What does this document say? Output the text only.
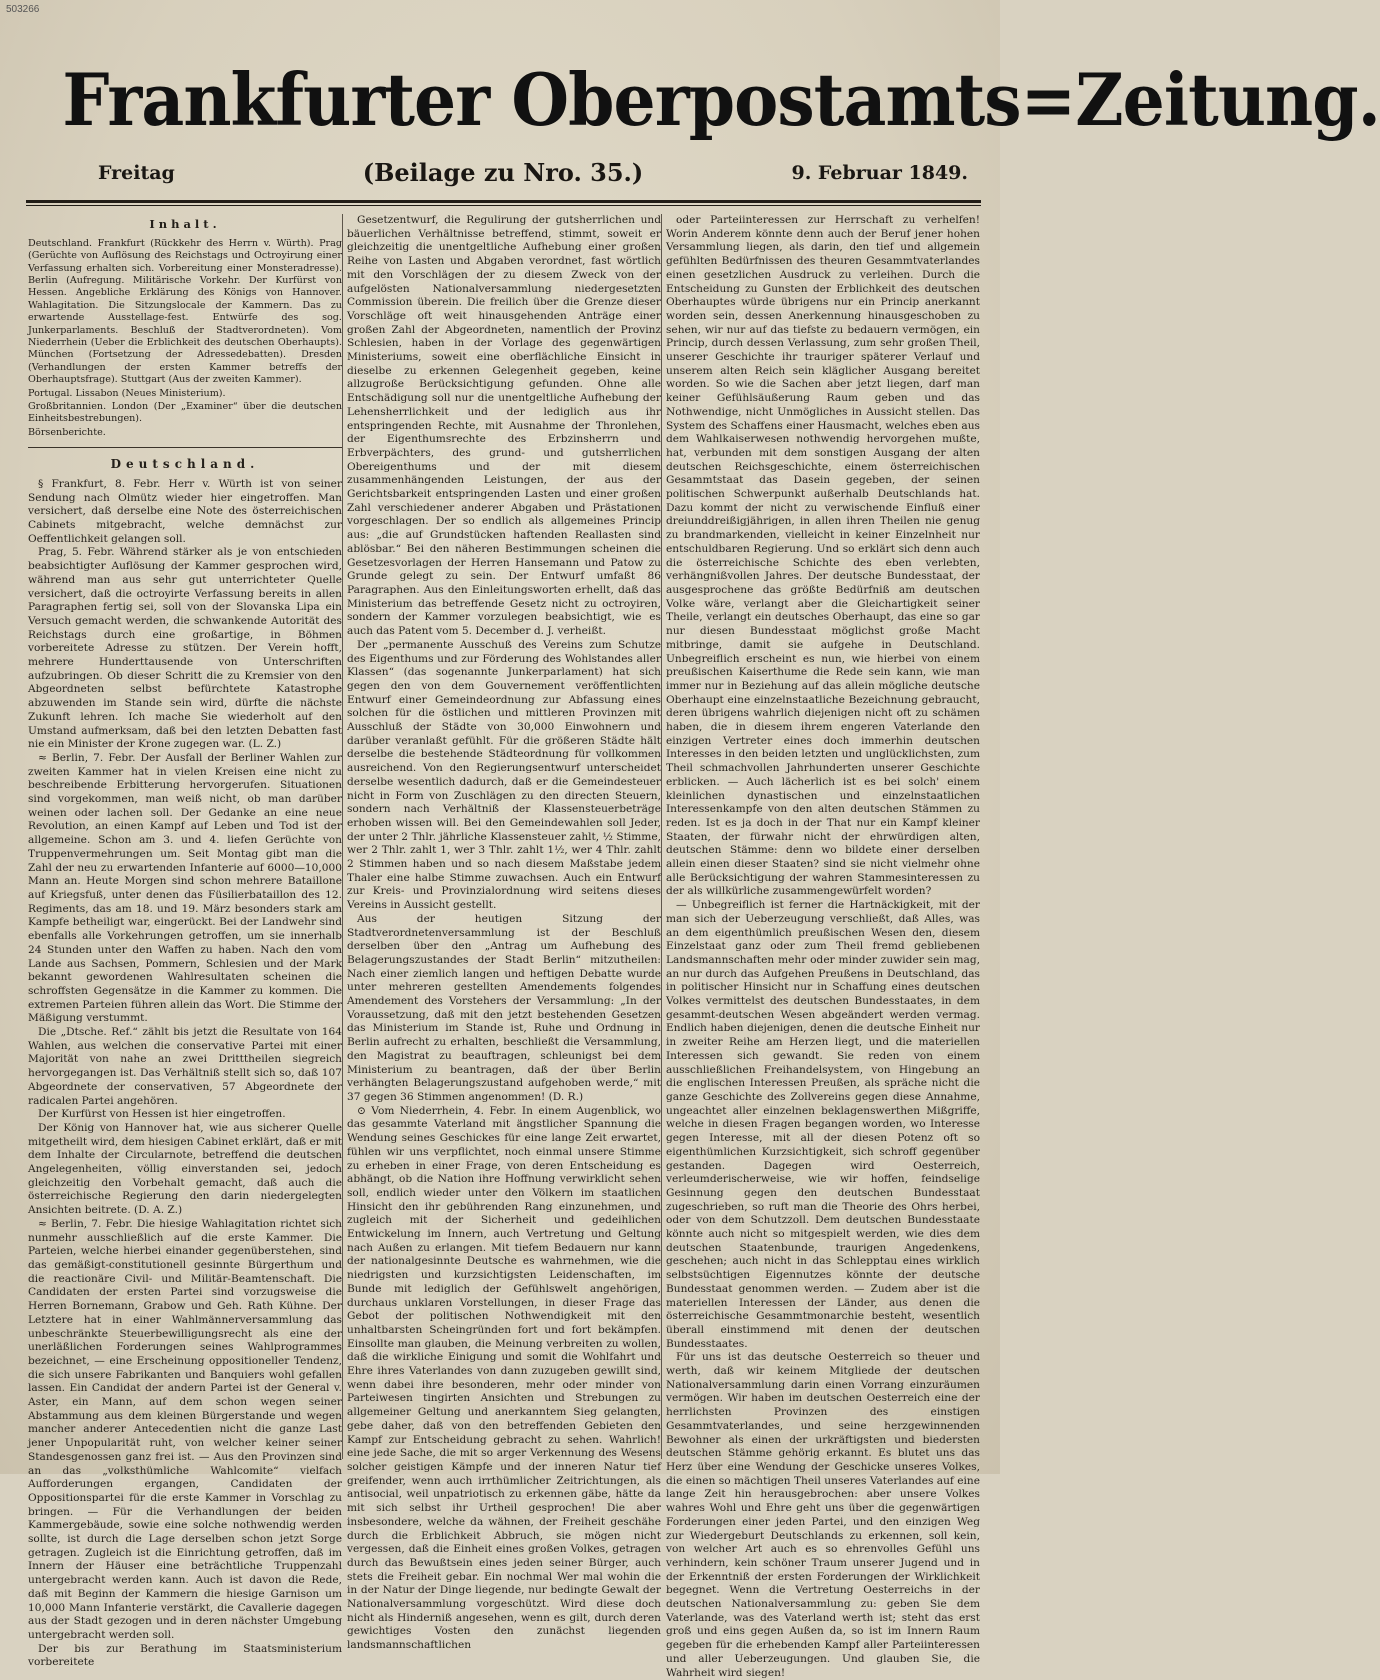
503266
Frankfurter Oberpostamts=Zeitung.
Freitag	(Beilage zu Nro. 35.)	9. Februar 1849.
Inhalt.

Deutschland. Frankfurt (Rückkehr des Herrn v. Würth). Prag (Gerüchte von Auflösung des Reichstags und Octroyirung einer Verfassung erhalten sich. Vorbereitung einer Monsteradresse). Berlin (Aufregung. Militärische Vorkehr. Der Kurfürst von Hessen. Angebliche Erklärung des Königs von Hannover. Wahlagitation. Die Sitzungslocale der Kammern. Das zu erwartende Ausstellage-fest. Entwürfe des sog. Junkerparlaments. Beschluß der Stadtverordneten). Vom Niederrhein (Ueber die Erblichkeit des deutschen Oberhaupts). München (Fortsetzung der Adressedebatten). Dresden (Verhandlungen der ersten Kammer betreffs der Oberhauptsfrage). Stuttgart (Aus der zweiten Kammer).

Portugal. Lissabon (Neues Ministerium).

Großbritannien. London (Der „Examiner“ über die deutschen Einheitsbestrebungen).

Börsenberichte.

Deutschland.

§ Frankfurt, 8. Febr. Herr v. Würth ist von seiner Sendung nach Olmütz wieder hier eingetroffen. Man versichert, daß derselbe eine Note des österreichischen Cabinets mitgebracht, welche demnächst zur Oeffentlichkeit gelangen soll.

Prag, 5. Febr. Während stärker als je von entschieden beabsichtigter Auflösung der Kammer gesprochen wird, während man aus sehr gut unterrichteter Quelle versichert, daß die octroyirte Verfassung bereits in allen Paragraphen fertig sei, soll von der Slovanska Lipa ein Versuch gemacht werden, die schwankende Autorität des Reichstags durch eine großartige, in Böhmen vorbereitete Adresse zu stützen. Der Verein hofft, mehrere Hunderttausende von Unterschriften aufzubringen. Ob dieser Schritt die zu Kremsier von den Abgeordneten selbst befürchtete Katastrophe abzuwenden im Stande sein wird, dürfte die nächste Zukunft lehren. Ich mache Sie wiederholt auf den Umstand aufmerksam, daß bei den letzten Debatten fast nie ein Minister der Krone zugegen war. (L. Z.)

≈ Berlin, 7. Febr. Der Ausfall der Berliner Wahlen zur zweiten Kammer hat in vielen Kreisen eine nicht zu beschreibende Erbitterung hervorgerufen. Situationen sind vorgekommen, man weiß nicht, ob man darüber weinen oder lachen soll. Der Gedanke an eine neue Revolution, an einen Kampf auf Leben und Tod ist der allgemeine. Schon am 3. und 4. liefen Gerüchte von Truppenvermehrungen um. Seit Montag gibt man die Zahl der neu zu erwartenden Infanterie auf 6000—10,000 Mann an. Heute Morgen sind schon mehrere Bataillone auf Kriegsfuß, unter denen das Füsilierbataillon des 12. Regiments, das am 18. und 19. März besonders stark am Kampfe betheiligt war, eingerückt. Bei der Landwehr sind ebenfalls alle Vorkehrungen getroffen, um sie innerhalb 24 Stunden unter den Waffen zu haben. Nach den vom Lande aus Sachsen, Pommern, Schlesien und der Mark bekannt gewordenen Wahlresultaten scheinen die schroffsten Gegensätze in die Kammer zu kommen. Die extremen Parteien führen allein das Wort. Die Stimme der Mäßigung verstummt.

Die „Dtsche. Ref.“ zählt bis jetzt die Resultate von 164 Wahlen, aus welchen die conservative Partei mit einer Majorität von nahe an zwei Dritttheilen siegreich hervorgegangen ist. Das Verhältniß stellt sich so, daß 107 Abgeordnete der conservativen, 57 Abgeordnete der radicalen Partei angehören.

Der Kurfürst von Hessen ist hier eingetroffen.

Der König von Hannover hat, wie aus sicherer Quelle mitgetheilt wird, dem hiesigen Cabinet erklärt, daß er mit dem Inhalte der Circularnote, betreffend die deutschen Angelegenheiten, völlig einverstanden sei, jedoch gleichzeitig den Vorbehalt gemacht, daß auch die österreichische Regierung den darin niedergelegten Ansichten beitrete. (D. A. Z.)

≈ Berlin, 7. Febr. Die hiesige Wahlagitation richtet sich nunmehr ausschließlich auf die erste Kammer. Die Parteien, welche hierbei einander gegenüberstehen, sind das gemäßigt-constitutionell gesinnte Bürgerthum und die reactionäre Civil- und Militär-Beamtenschaft. Die Candidaten der ersten Partei sind vorzugsweise die Herren Bornemann, Grabow und Geh. Rath Kühne. Der Letztere hat in einer Wahlmännerversammlung das unbeschränkte Steuerbewilligungsrecht als eine der unerläßlichen Forderungen seines Wahlprogrammes bezeichnet, — eine Erscheinung oppositioneller Tendenz, die sich unsere Fabrikanten und Banquiers wohl gefallen lassen. Ein Candidat der andern Partei ist der General v. Aster, ein Mann, auf dem schon wegen seiner Abstammung aus dem kleinen Bürgerstande und wegen mancher anderer Antecedentien nicht die ganze Last jener Unpopularität ruht, von welcher keiner seiner Standesgenossen ganz frei ist. — Aus den Provinzen sind an das „volksthümliche Wahlcomite“ vielfach Aufforderungen ergangen, Candidaten der Oppositionspartei für die erste Kammer in Vorschlag zu bringen. — Für die Verhandlungen der beiden Kammergebäude, sowie eine solche nothwendig werden sollte, ist durch die Lage derselben schon jetzt Sorge getragen. Zugleich ist die Einrichtung getroffen, daß im Innern der Häuser eine beträchtliche Truppenzahl untergebracht werden kann. Auch ist davon die Rede, daß mit Beginn der Kammern die hiesige Garnison um 10,000 Mann Infanterie verstärkt, die Cavallerie dagegen aus der Stadt gezogen und in deren nächster Umgebung untergebracht werden soll.

Der bis zur Berathung im Staatsministerium vorbereitete

Gesetzentwurf, die Regulirung der gutsherrlichen und bäuerlichen Verhältnisse betreffend, stimmt, soweit er gleichzeitig die unentgeltliche Aufhebung einer großen Reihe von Lasten und Abgaben verordnet, fast wörtlich mit den Vorschlägen der zu diesem Zweck von der aufgelösten Nationalversammlung niedergesetzten Commission überein. Die freilich über die Grenze dieser Vorschläge oft weit hinausgehenden Anträge einer großen Zahl der Abgeordneten, namentlich der Provinz Schlesien, haben in der Vorlage des gegenwärtigen Ministeriums, soweit eine oberflächliche Einsicht in dieselbe zu erkennen Gelegenheit gegeben, keine allzugroße Berücksichtigung gefunden. Ohne alle Entschädigung soll nur die unentgeltliche Aufhebung der Lehensherrlichkeit und der lediglich aus ihr entspringenden Rechte, mit Ausnahme der Thronlehen, der Eigenthumsrechte des Erbzinsherrn und Erbverpächters, des grund- und gutsherrlichen Obereigenthums und der mit diesem zusammenhängenden Leistungen, der aus der Gerichtsbarkeit entspringenden Lasten und einer großen Zahl verschiedener anderer Abgaben und Prästationen vorgeschlagen. Der so endlich als allgemeines Princip aus: „die auf Grundstücken haftenden Reallasten sind ablösbar.“ Bei den näheren Bestimmungen scheinen die Gesetzesvorlagen der Herren Hansemann und Patow zu Grunde gelegt zu sein. Der Entwurf umfaßt 86 Paragraphen. Aus den Einleitungsworten erhellt, daß das Ministerium das betreffende Gesetz nicht zu octroyiren, sondern der Kammer vorzulegen beabsichtigt, wie es auch das Patent vom 5. December d. J. verheißt.

Der „permanente Ausschuß des Vereins zum Schutze des Eigenthums und zur Förderung des Wohlstandes aller Klassen“ (das sogenannte Junkerparlament) hat sich gegen den von dem Gouvernement veröffentlichten Entwurf einer Gemeindeordnung zur Abfassung eines solchen für die östlichen und mittleren Provinzen mit Ausschluß der Städte von 30,000 Einwohnern und darüber veranlaßt gefühlt. Für die größeren Städte hält derselbe die bestehende Städteordnung für vollkommen ausreichend. Von den Regierungsentwurf unterscheidet derselbe wesentlich dadurch, daß er die Gemeindesteuer nicht in Form von Zuschlägen zu den directen Steuern, sondern nach Verhältniß der Klassensteuerbeträge erhoben wissen will. Bei den Gemeindewahlen soll Jeder, der unter 2 Thlr. jährliche Klassensteuer zahlt, ½ Stimme, wer 2 Thlr. zahlt 1, wer 3 Thlr. zahlt 1½, wer 4 Thlr. zahlt 2 Stimmen haben und so nach diesem Maßstabe jedem Thaler eine halbe Stimme zuwachsen. Auch ein Entwurf zur Kreis- und Provinzialordnung wird seitens dieses Vereins in Aussicht gestellt.

Aus der heutigen Sitzung der Stadtverordnetenversammlung ist der Beschluß derselben über den „Antrag um Aufhebung des Belagerungszustandes der Stadt Berlin“ mitzutheilen: Nach einer ziemlich langen und heftigen Debatte wurde unter mehreren gestellten Amendements folgendes Amendement des Vorstehers der Versammlung: „In der Voraussetzung, daß mit den jetzt bestehenden Gesetzen das Ministerium im Stande ist, Ruhe und Ordnung in Berlin aufrecht zu erhalten, beschließt die Versammlung, den Magistrat zu beauftragen, schleunigst bei dem Ministerium zu beantragen, daß der über Berlin verhängten Belagerungszustand aufgehoben werde,“ mit 37 gegen 36 Stimmen angenommen! (D. R.)

⊙ Vom Niederrhein, 4. Febr. In einem Augenblick, wo das gesammte Vaterland mit ängstlicher Spannung die Wendung seines Geschickes für eine lange Zeit erwartet, fühlen wir uns verpflichtet, noch einmal unsere Stimme zu erheben in einer Frage, von deren Entscheidung es abhängt, ob die Nation ihre Hoffnung verwirklicht sehen soll, endlich wieder unter den Völkern im staatlichen Hinsicht den ihr gebührenden Rang einzunehmen, und zugleich mit der Sicherheit und gedeihlichen Entwickelung im Innern, auch Vertretung und Geltung nach Außen zu erlangen. Mit tiefem Bedauern nur kann der nationalgesinnte Deutsche es wahrnehmen, wie die niedrigsten und kurzsichtigsten Leidenschaften, im Bunde mit lediglich der Gefühlswelt angehörigen, durchaus unklaren Vorstellungen, in dieser Frage das Gebot der politischen Nothwendigkeit mit den unhaltbarsten Scheingründen fort und fort bekämpfen. Einsollte man glauben, die Meinung verbreiten zu wollen, daß die wirkliche Einigung und somit die Wohlfahrt und Ehre ihres Vaterlandes von dann zuzugeben gewillt sind, wenn dabei ihre besonderen, mehr oder minder von Parteiwesen tingirten Ansichten und Strebungen zu allgemeiner Geltung und anerkanntem Sieg gelangten, gebe daher, daß von den betreffenden Gebieten den Kampf zur Entscheidung gebracht zu sehen. Wahrlich! eine jede Sache, die mit so arger Verkennung des Wesens solcher geistigen Kämpfe und der inneren Natur tief greifender, wenn auch irrthümlicher Zeitrichtungen, als antisocial, weil unpatriotisch zu erkennen gäbe, hätte da mit sich selbst ihr Urtheil gesprochen! Die aber insbesondere, welche da wähnen, der Freiheit geschähe durch die Erblichkeit Abbruch, sie mögen nicht vergessen, daß die Einheit eines großen Volkes, getragen durch das Bewußtsein eines jeden seiner Bürger, auch stets die Freiheit gebar. Ein nochmal Wer mal wohin die in der Natur der Dinge liegende, nur bedingte Gewalt der Nationalversammlung vorgeschützt. Wird diese doch nicht als Hinderniß angesehen, wenn es gilt, durch deren gewichtiges Vosten den zunächst liegenden landsmannschaftlichen

oder Parteiinteressen zur Herrschaft zu verhelfen! Worin Anderem könnte denn auch der Beruf jener hohen Versammlung liegen, als darin, den tief und allgemein gefühlten Bedürfnissen des theuren Gesammtvaterlandes einen gesetzlichen Ausdruck zu verleihen. Durch die Entscheidung zu Gunsten der Erblichkeit des deutschen Oberhauptes würde übrigens nur ein Princip anerkannt worden sein, dessen Anerkennung hinausgeschoben zu sehen, wir nur auf das tiefste zu bedauern vermögen, ein Princip, durch dessen Verlassung, zum sehr großen Theil, unserer Geschichte ihr trauriger späterer Verlauf und unserem alten Reich sein kläglicher Ausgang bereitet worden. So wie die Sachen aber jetzt liegen, darf man keiner Gefühlsäußerung Raum geben und das Nothwendige, nicht Unmögliches in Aussicht stellen. Das System des Schaffens einer Hausmacht, welches eben aus dem Wahlkaiserwesen nothwendig hervorgehen mußte, hat, verbunden mit dem sonstigen Ausgang der alten deutschen Reichsgeschichte, einem österreichischen Gesammtstaat das Dasein gegeben, der seinen politischen Schwerpunkt außerhalb Deutschlands hat. Dazu kommt der nicht zu verwischende Einfluß einer dreiunddreißigjährigen, in allen ihren Theilen nie genug zu brandmarkenden, vielleicht in keiner Einzelnheit nur entschuldbaren Regierung. Und so erklärt sich denn auch die österreichische Schichte des eben verlebten, verhängnißvollen Jahres. Der deutsche Bundesstaat, der ausgesprochene das größte Bedürfniß am deutschen Volke wäre, verlangt aber die Gleichartigkeit seiner Theile, verlangt ein deutsches Oberhaupt, das eine so gar nur diesen Bundesstaat möglichst große Macht mitbringe, damit sie aufgehe in Deutschland. Unbegreiflich erscheint es nun, wie hierbei von einem preußischen Kaiserthume die Rede sein kann, wie man immer nur in Beziehung auf das allein mögliche deutsche Oberhaupt eine einzelnstaatliche Bezeichnung gebraucht, deren übrigens wahrlich diejenigen nicht oft zu schämen haben, die in diesem ihrem engeren Vaterlande den einzigen Vertreter eines doch immerhin deutschen Interesses in den beiden letzten und unglücklichsten, zum Theil schmachvollen Jahrhunderten unserer Geschichte erblicken. — Auch lächerlich ist es bei solch' einem kleinlichen dynastischen und einzelnstaatlichen Interessenkampfe von den alten deutschen Stämmen zu reden. Ist es ja doch in der That nur ein Kampf kleiner Staaten, der fürwahr nicht der ehrwürdigen alten, deutschen Stämme: denn wo bildete einer derselben allein einen dieser Staaten? sind sie nicht vielmehr ohne alle Berücksichtigung der wahren Stammesinteressen zu der als willkürliche zusammengewürfelt worden?

— Unbegreiflich ist ferner die Hartnäckigkeit, mit der man sich der Ueberzeugung verschließt, daß Alles, was an dem eigenthümlich preußischen Wesen den, diesem Einzelstaat ganz oder zum Theil fremd gebliebenen Landsmannschaften mehr oder minder zuwider sein mag, an nur durch das Aufgehen Preußens in Deutschland, das in politischer Hinsicht nur in Schaffung eines deutschen Volkes vermittelst des deutschen Bundesstaates, in dem gesammt-deutschen Wesen abgeändert werden vermag. Endlich haben diejenigen, denen die deutsche Einheit nur in zweiter Reihe am Herzen liegt, und die materiellen Interessen sich gewandt. Sie reden von einem ausschließlichen Freihandelsystem, von Hingebung an die englischen Interessen Preußen, als spräche nicht die ganze Geschichte des Zollvereins gegen diese Annahme, ungeachtet aller einzelnen beklagenswerthen Mißgriffe, welche in diesen Fragen begangen worden, wo Interesse gegen Interesse, mit all der diesen Potenz oft so eigenthümlichen Kurzsichtigkeit, sich schroff gegenüber gestanden. Dagegen wird Oesterreich, verleumderischerweise, wie wir hoffen, feindselige Gesinnung gegen den deutschen Bundesstaat zugeschrieben, so ruft man die Theorie des Ohrs herbei, oder von dem Schutzzoll. Dem deutschen Bundesstaate könnte auch nicht so mitgespielt werden, wie dies dem deutschen Staatenbunde, traurigen Angedenkens, geschehen; auch nicht in das Schlepptau eines wirklich selbstsüchtigen Eigennutzes könnte der deutsche Bundesstaat genommen werden. — Zudem aber ist die materiellen Interessen der Länder, aus denen die österreichische Gesammtmonarchie besteht, wesentlich überall einstimmend mit denen der deutschen Bundesstaates.

Für uns ist das deutsche Oesterreich so theuer und werth, daß wir keinem Mitgliede der deutschen Nationalversammlung darin einen Vorrang einzuräumen vermögen. Wir haben im deutschen Oesterreich eine der herrlichsten Provinzen des einstigen Gesammtvaterlandes, und seine herzgewinnenden Bewohner als einen der urkräftigsten und biedersten deutschen Stämme gehörig erkannt. Es blutet uns das Herz über eine Wendung der Geschicke unseres Volkes, die einen so mächtigen Theil unseres Vaterlandes auf eine lange Zeit hin herausgebrochen: aber unsere Volkes wahres Wohl und Ehre geht uns über die gegenwärtigen Forderungen einer jeden Partei, und den einzigen Weg zur Wiedergeburt Deutschlands zu erkennen, soll kein, von welcher Art auch es so ehrenvolles Gefühl uns verhindern, kein schöner Traum unserer Jugend und in der Erkenntniß der ersten Forderungen der Wirklichkeit begegnet. Wenn die Vertretung Oesterreichs in der deutschen Nationalversammlung zu: geben Sie dem Vaterlande, was des Vaterland werth ist; steht das erst groß und eins gegen Außen da, so ist im Innern Raum gegeben für die erhebenden Kampf aller Parteiinteressen und aller Ueberzeugungen. Und glauben Sie, die Wahrheit wird siegen!
